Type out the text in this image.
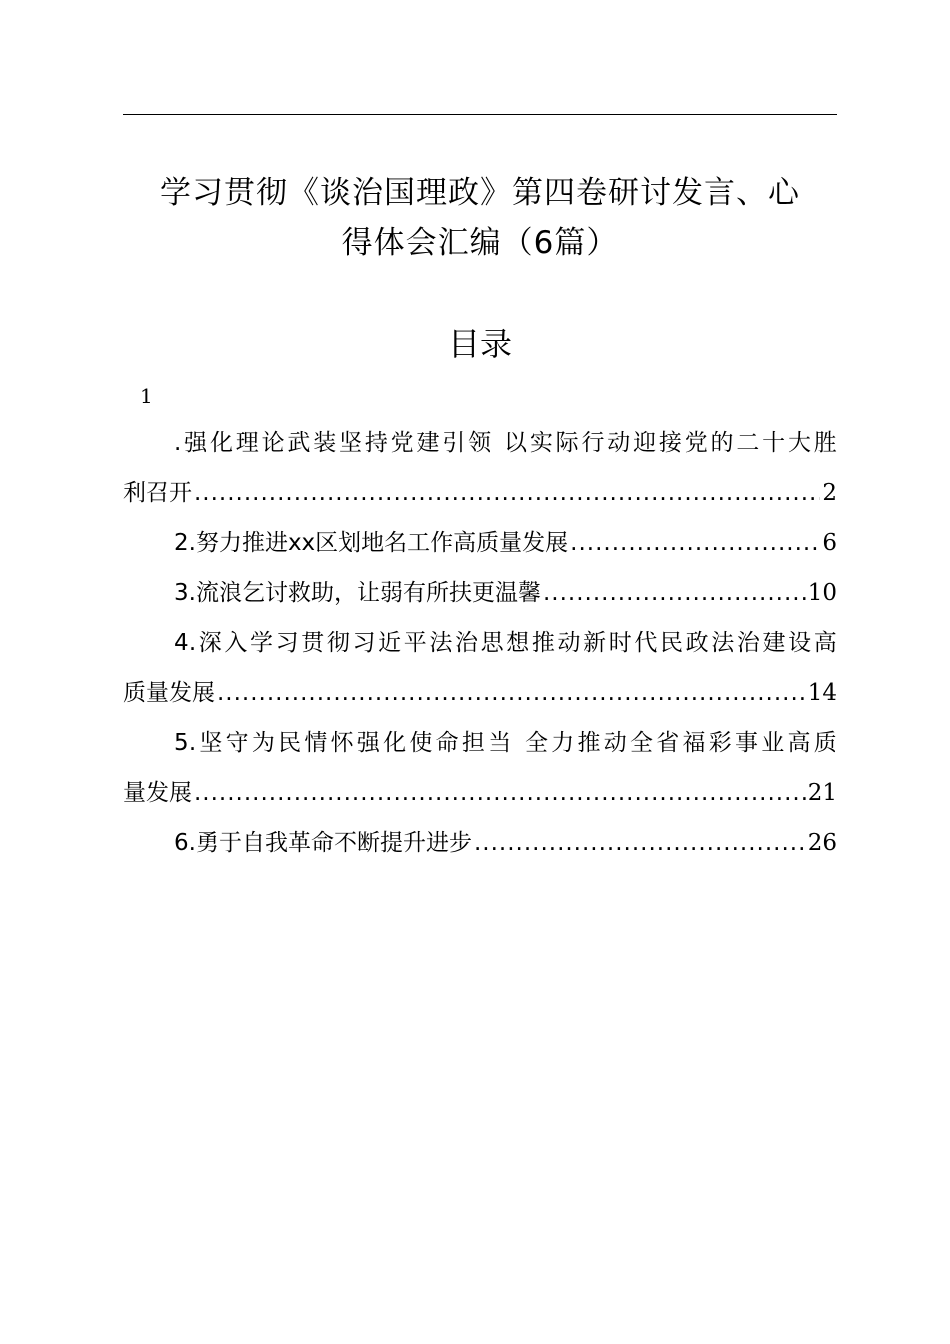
学习贯彻《谈治国理政》第四卷研讨发言、心
得体会汇编（6篇）
目录
1
.强化理论武装坚持党建引领 以实际行动迎接党的二十大胜
利召开 .....	2
2.努力推进xx区划地名工作高质量发展 .....	6
3.流浪乞讨救助，让弱有所扶更温馨 .....	10
4.深入学习贯彻习近平法治思想推动新时代民政法治建设高
质量发展 .....	14
5.坚守为民情怀强化使命担当 全力推动全省福彩事业高质
量发展 .....	21
6.勇于自我革命不断提升进步 .....	26
